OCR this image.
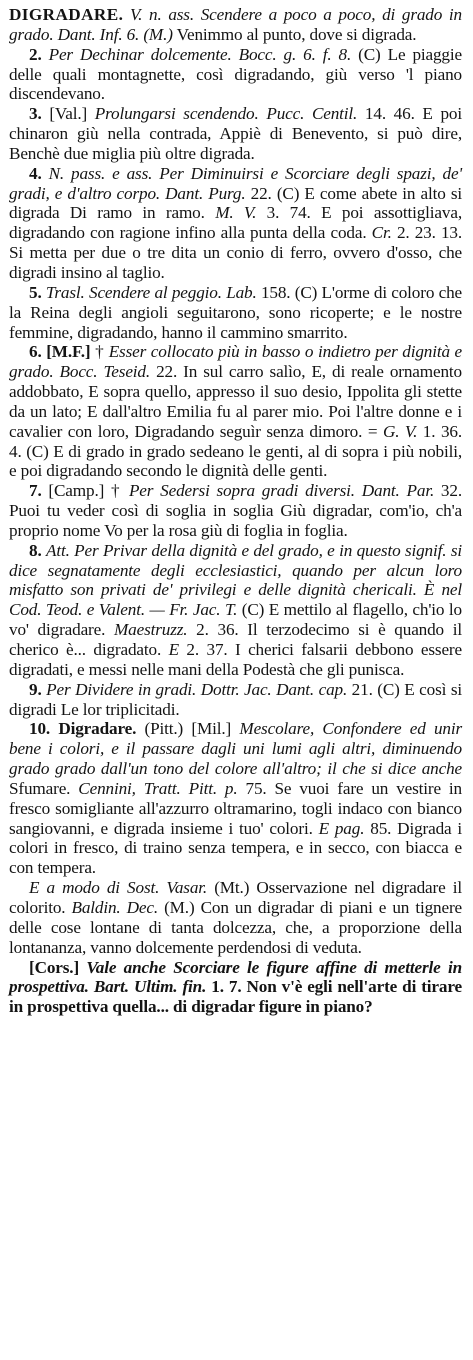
DIGRADARE. V. n. ass. Scendere a poco a poco, di grado in grado. Dant. Inf. 6. (M.) Venimmo al punto, dove si digrada.

2. Per Dechinar dolcemente. Bocc. g. 6. f. 8. (C) Le piaggie delle quali montagnette, così digradando, giù verso 'l piano discendevano.

3. [Val.] Prolungarsi scendendo. Pucc. Centil. 14. 46. E poi chinaron giù nella contrada, Appiè di Benevento, si può dire, Benchè due miglia più oltre digrada.

4. N. pass. e ass. Per Diminuirsi e Scorciare degli spazi, de' gradi, e d'altro corpo. Dant. Purg. 22. (C) E come abete in alto si digrada Di ramo in ramo. M. V. 3. 74. E poi assottigliava, digradando con ragione infino alla punta della coda. Cr. 2. 23. 13. Si metta per due o tre dita un conio di ferro, ovvero d'osso, che digradi insino al taglio.

5. Trasl. Scendere al peggio. Lab. 158. (C) L'orme di coloro che la Reina degli angioli seguitarono, sono ricoperte; e le nostre femmine, digradando, hanno il cammino smarrito.

6. [M.F.] † Esser collocato più in basso o indietro per dignità e grado. Bocc. Teseid. 22. In sul carro salìo, E, di reale ornamento addobbato, E sopra quello, appresso il suo desio, Ippolita gli stette da un lato; E dall'altro Emilia fu al parer mio. Poi l'altre donne e i cavalier con loro, Digradando seguìr senza dimoro. = G. V. 1. 36. 4. (C) E di grado in grado sedeano le genti, al di sopra i più nobili, e poi digradando secondo le dignità delle genti.

7. [Camp.] † Per Sedersi sopra gradi diversi. Dant. Par. 32. Puoi tu veder così di soglia in soglia Giù digradar, com'io, ch'a proprio nome Vo per la rosa giù di foglia in foglia.

8. Att. Per Privar della dignità e del grado, e in questo signif. si dice segnatamente degli ecclesiastici, quando per alcun loro misfatto son privati de' privilegi e delle dignità chericali. È nel Cod. Teod. e Valent. — Fr. Jac. T. (C) E mettilo al flagello, ch'io lo vo' digradare. Maestruzz. 2. 36. Il terzodecimo si è quando il cherico è... digradato. E 2. 37. I cherici falsarii debbono essere digradati, e messi nelle mani della Podestà che gli punisca.

9. Per Dividere in gradi. Dottr. Jac. Dant. cap. 21. (C) E così si digradi Le lor triplicitadi.

10. Digradare. (Pitt.) [Mil.] Mescolare, Confondere ed unir bene i colori, e il passare dagli uni lumi agli altri, diminuendo grado grado dall'un tono del colore all'altro; il che si dice anche Sfumare. Cennini, Tratt. Pitt. p. 75. Se vuoi fare un vestire in fresco somigliante all'azzurro oltramarino, togli indaco con bianco sangiovanni, e digrada insieme i tuo' colori. E pag. 85. Digrada i colori in fresco, di traino senza tempera, e in secco, con biacca e con tempera.

E a modo di Sost. Vasar. (Mt.) Osservazione nel digradare il colorito. Baldin. Dec. (M.) Con un digradar di piani e un tignere delle cose lontane di tanta dolcezza, che, a proporzione della lontananza, vanno dolcemente perdendosi di veduta.

[Cors.] Vale anche Scorciare le figure affine di metterle in prospettiva. Bart. Ultim. fin. 1. 7. Non v'è egli nell'arte di tirare in prospettiva quella... di digradar figure in piano?
